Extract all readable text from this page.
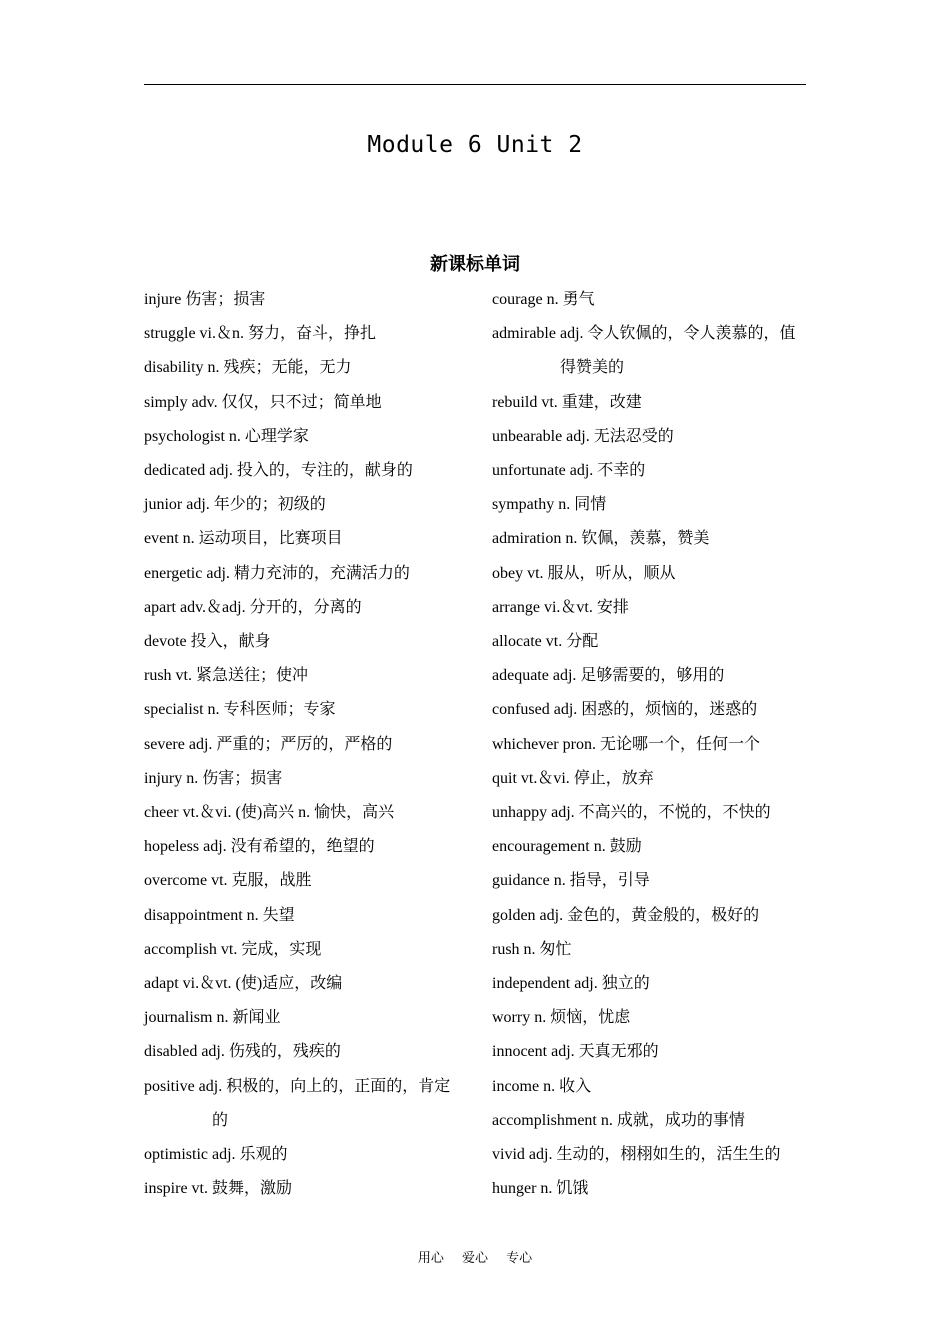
Module 6 Unit 2
新课标单词
injure 伤害；损害
struggle vi.＆n. 努力，奋斗，挣扎
disability n. 残疾；无能，无力
simply adv. 仅仅，只不过；简单地
psychologist n. 心理学家
dedicated adj. 投入的，专注的，献身的
junior adj. 年少的；初级的
event n. 运动项目，比赛项目
energetic adj. 精力充沛的，充满活力的
apart adv.＆adj. 分开的，分离的
devote 投入，献身
rush vt. 紧急送往；使冲
specialist n. 专科医师；专家
severe adj. 严重的；严厉的，严格的
injury n. 伤害；损害
cheer vt.＆vi. (使)高兴 n. 愉快，高兴
hopeless adj. 没有希望的，绝望的
overcome vt. 克服，战胜
disappointment n. 失望
accomplish vt. 完成，实现
adapt vi.＆vt. (使)适应，改编
journalism n. 新闻业
disabled adj. 伤残的，残疾的
positive adj. 积极的，向上的，正面的，肯定
的
optimistic adj. 乐观的
inspire vt. 鼓舞，激励
courage n. 勇气
admirable adj. 令人钦佩的，令人羡慕的，值
得赞美的
rebuild vt. 重建，改建
unbearable adj. 无法忍受的
unfortunate adj. 不幸的
sympathy n. 同情
admiration n. 钦佩，羡慕，赞美
obey vt. 服从，听从，顺从
arrange vi.＆vt. 安排
allocate vt. 分配
adequate adj. 足够需要的，够用的
confused adj. 困惑的，烦恼的，迷惑的
whichever pron. 无论哪一个，任何一个
quit vt.＆vi. 停止，放弃
unhappy adj. 不高兴的，不悦的，不快的
encouragement n. 鼓励
guidance n. 指导，引导
golden adj. 金色的，黄金般的，极好的
rush n. 匆忙
independent adj. 独立的
worry n. 烦恼，忧虑
innocent adj. 天真无邪的
income n. 收入
accomplishment n. 成就，成功的事情
vivid adj. 生动的，栩栩如生的，活生生的
hunger n. 饥饿
用心 爱心 专心
